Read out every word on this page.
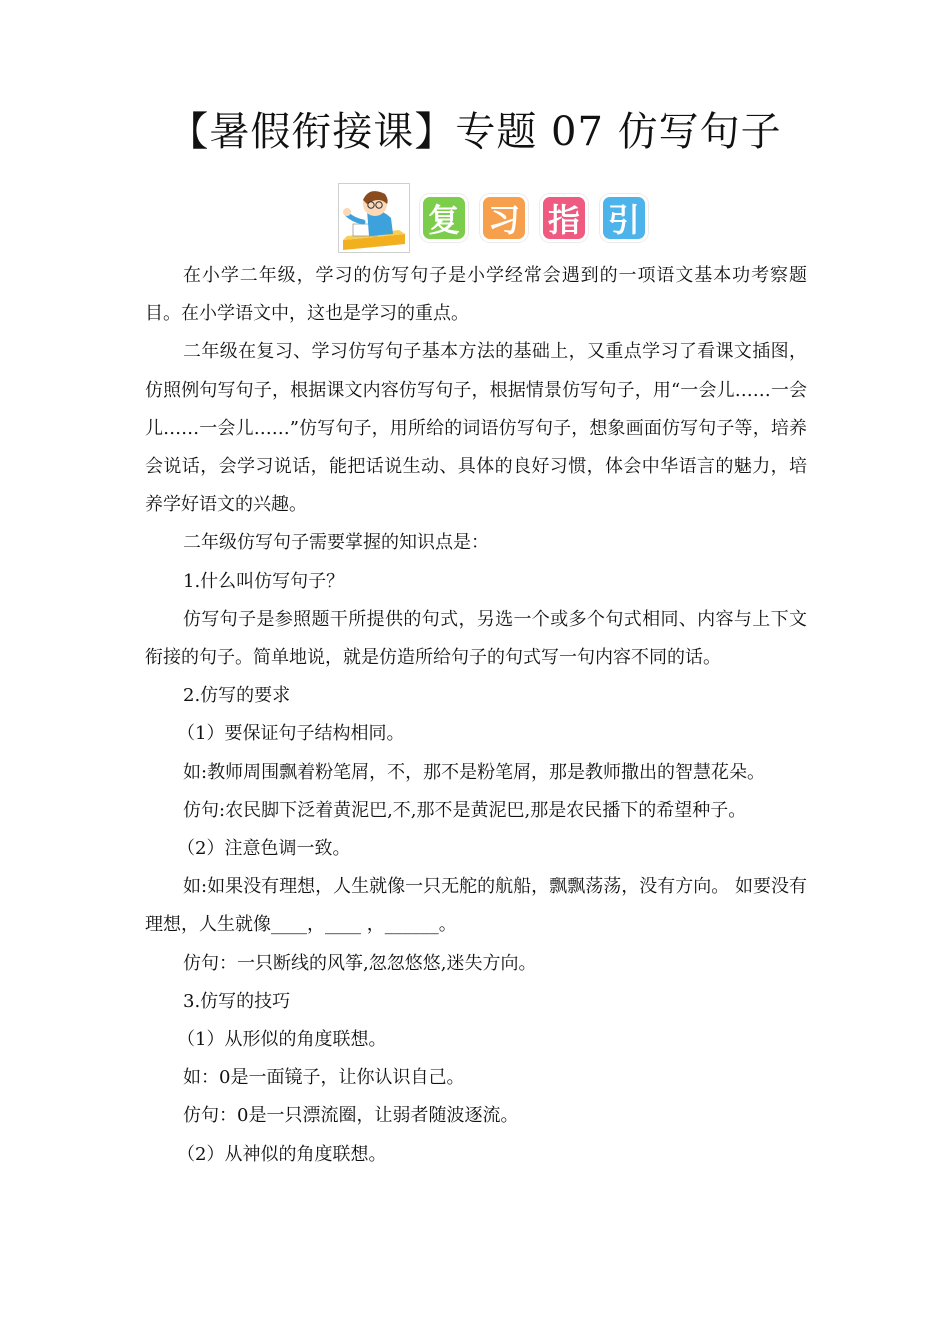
【暑假衔接课】专题 07 仿写句子
复 习 指 引

在小学二年级，学习的仿写句子是小学经常会遇到的一项语文基本功考察题目。在小学语文中，这也是学习的重点。

二年级在复习、学习仿写句子基本方法的基础上，又重点学习了看课文插图，仿照例句写句子，根据课文内容仿写句子，根据情景仿写句子，用“一会儿……一会儿……一会儿……”仿写句子，用所给的词语仿写句子，想象画面仿写句子等，培养会说话，会学习说话，能把话说生动、具体的良好习惯，体会中华语言的魅力，培养学好语文的兴趣。

二年级仿写句子需要掌握的知识点是：

1.什么叫仿写句子？

仿写句子是参照题干所提供的句式，另选一个或多个句式相同、内容与上下文衔接的句子。简单地说，就是仿造所给句子的句式写一句内容不同的话。

2.仿写的要求

（1）要保证句子结构相同。

如:教师周围飘着粉笔屑，不，那不是粉笔屑，那是教师撒出的智慧花朵。

仿句:农民脚下泛着黄泥巴,不,那不是黄泥巴,那是农民播下的希望种子。

（2）注意色调一致。

如:如果没有理想，人生就像一只无舵的航船，飘飘荡荡，没有方向。 如要没有理想，人生就像____，____ ，______。

仿句：一只断线的风筝,忽忽悠悠,迷失方向。

3.仿写的技巧

（1）从形似的角度联想。

如：0是一面镜子，让你认识自己。

仿句：0是一只漂流圈，让弱者随波逐流。

（2）从神似的角度联想。
